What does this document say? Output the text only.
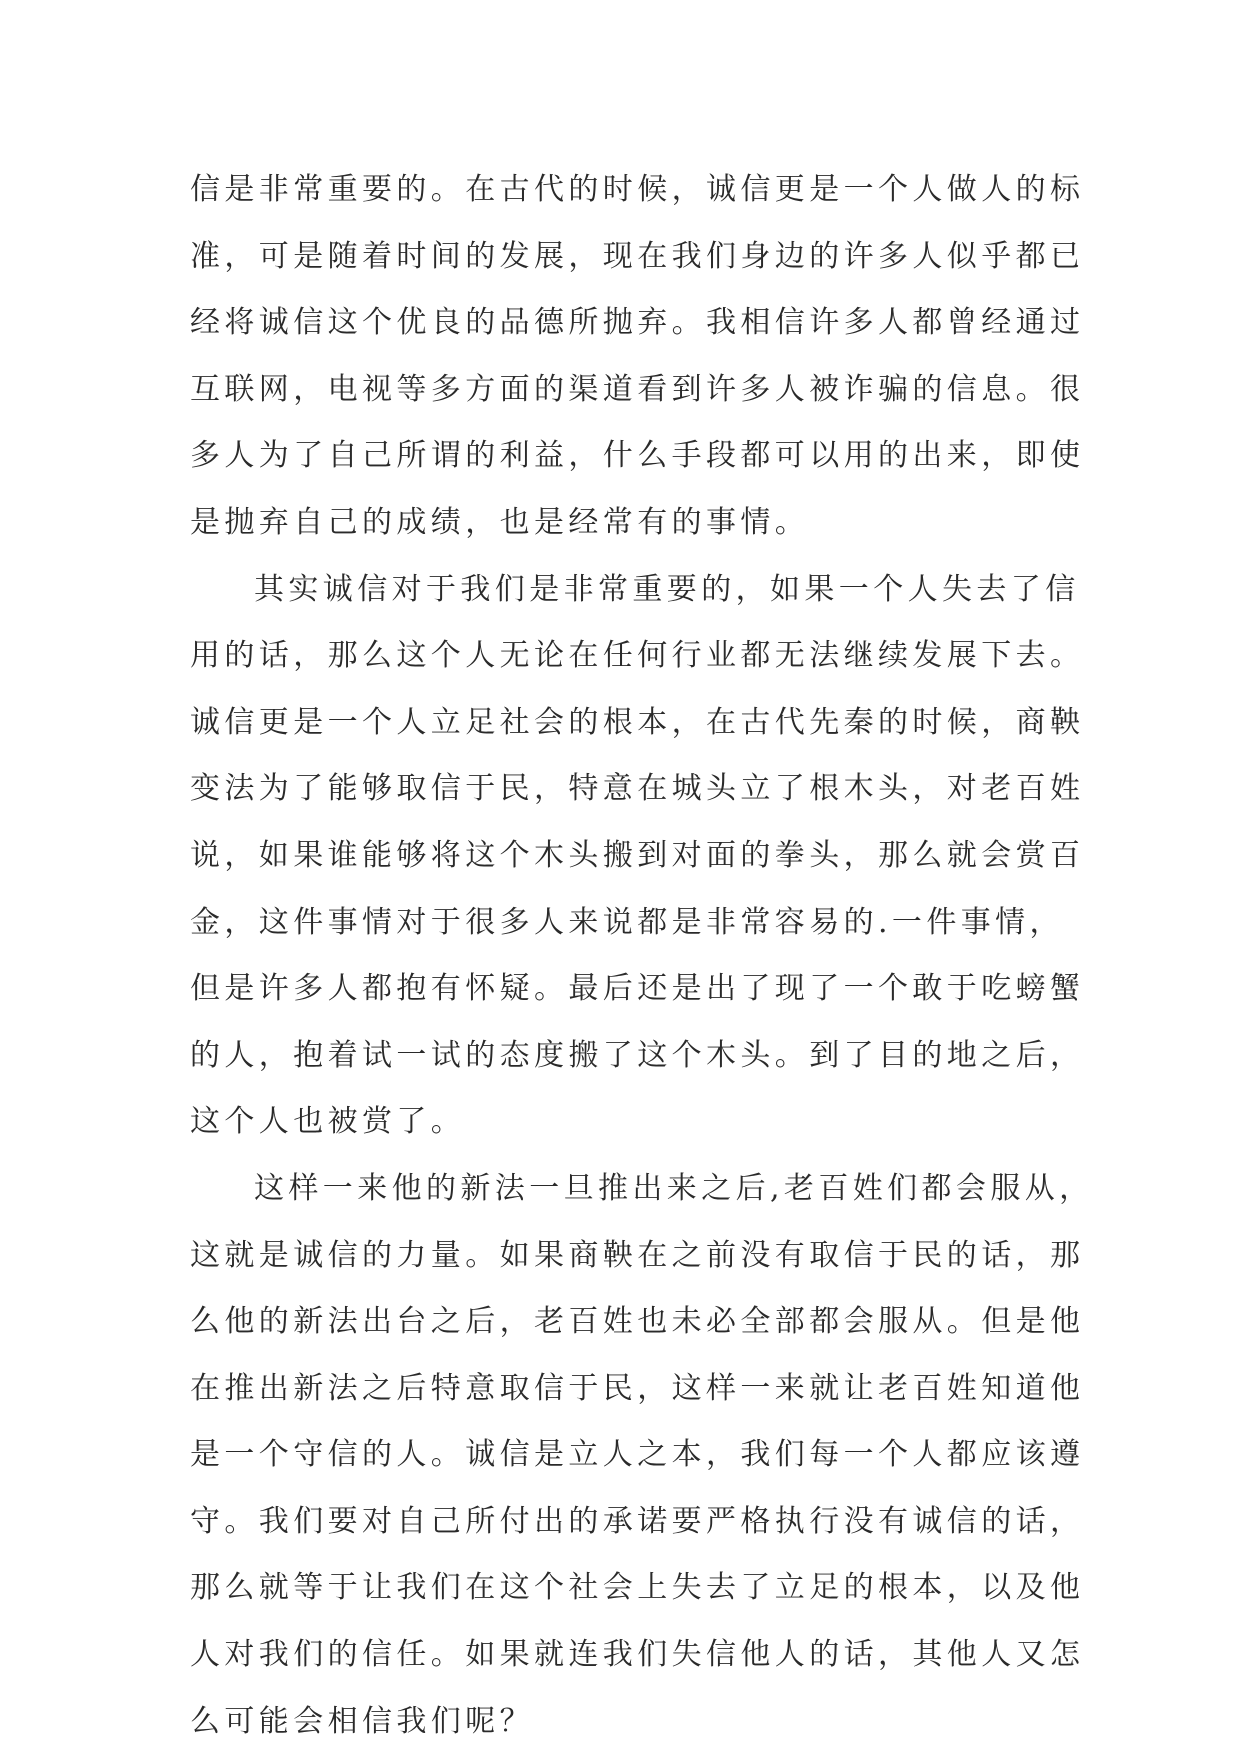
信是非常重要的。在古代的时候，诚信更是一个人做人的标
准，可是随着时间的发展，现在我们身边的许多人似乎都已
经将诚信这个优良的品德所抛弃。我相信许多人都曾经通过
互联网，电视等多方面的渠道看到许多人被诈骗的信息。很
多人为了自己所谓的利益，什么手段都可以用的出来，即使
是抛弃自己的成绩，也是经常有的事情。
其实诚信对于我们是非常重要的，如果一个人失去了信
用的话，那么这个人无论在任何行业都无法继续发展下去。
诚信更是一个人立足社会的根本，在古代先秦的时候，商鞅
变法为了能够取信于民，特意在城头立了根木头，对老百姓
说，如果谁能够将这个木头搬到对面的拳头，那么就会赏百
金，这件事情对于很多人来说都是非常容易的.一件事情，
但是许多人都抱有怀疑。最后还是出了现了一个敢于吃螃蟹
的人，抱着试一试的态度搬了这个木头。到了目的地之后，
这个人也被赏了。
这样一来他的新法一旦推出来之后,老百姓们都会服从，
这就是诚信的力量。如果商鞅在之前没有取信于民的话，那
么他的新法出台之后，老百姓也未必全部都会服从。但是他
在推出新法之后特意取信于民，这样一来就让老百姓知道他
是一个守信的人。诚信是立人之本，我们每一个人都应该遵
守。我们要对自己所付出的承诺要严格执行没有诚信的话，
那么就等于让我们在这个社会上失去了立足的根本，以及他
人对我们的信任。如果就连我们失信他人的话，其他人又怎
么可能会相信我们呢？
